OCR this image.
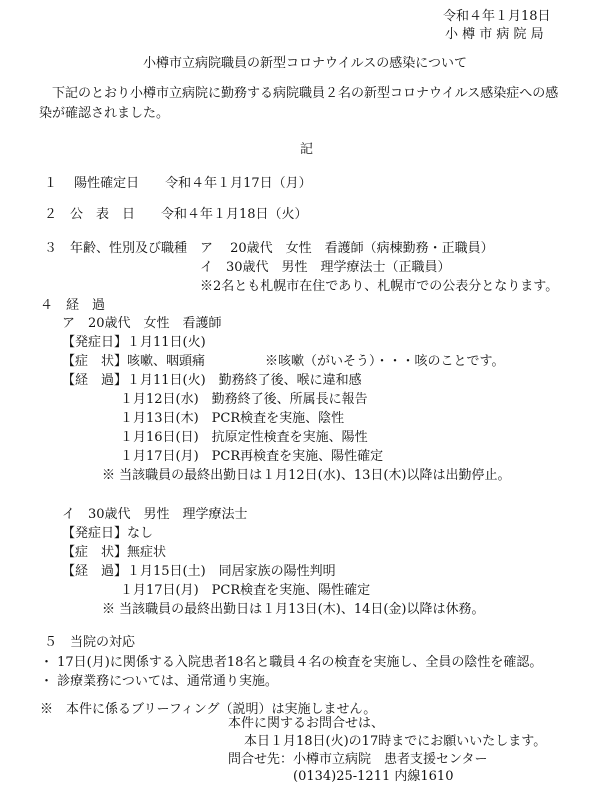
令和４年１月18日
小 樽 市 病 院 局
小樽市立病院職員の新型コロナウイルスの感染について
下記のとおり小樽市立病院に勤務する病院職員２名の新型コロナウイルス感染症への感
染が確認されました。
記
１　 陽性確定日　　令和４年１月17日（月）
２　公　表　日　　令和４年１月18日（火）
３　年齢、性別及び職種　ア　 20歳代　女性　看護師（病棟勤務・正職員）
イ　30歳代　男性　理学療法士（正職員）
※2名とも札幌市在住であり、札幌市での公表分となります。
４　経　過
ア　20歳代　女性　看護師
【発症日】１月11日(火)
【症　状】咳嗽、咽頭痛	※咳嗽（がいそう）・・・咳のことです。
【経　過】１月11日(火)　勤務終了後、喉に違和感
１月12日(水)　勤務終了後、所属長に報告
１月13日(木)　PCR検査を実施、陰性
１月16日(日)　抗原定性検査を実施、陽性
１月17日(月)　PCR再検査を実施、陽性確定
※ 当該職員の最終出勤日は１月12日(水)、13日(木)以降は出勤停止。
イ　30歳代　男性　理学療法士
【発症日】なし
【症　状】無症状
【経　過】１月15日(土)　同居家族の陽性判明
１月17日(月)　PCR検査を実施、陽性確定
※ 当該職員の最終出勤日は１月13日(木)、14日(金)以降は休務。
５　当院の対応
・ 17日(月)に関係する入院患者18名と職員４名の検査を実施し、全員の陰性を確認。
・ 診療業務については、通常通り実施。
※　本件に係るブリーフィング（説明）は実施しません。
本件に関するお問合せは、
本日１月18日(火)の17時までにお願いいたします。
問合せ先：小樽市立病院　患者支援センター
(0134)25-1211 内線1610
